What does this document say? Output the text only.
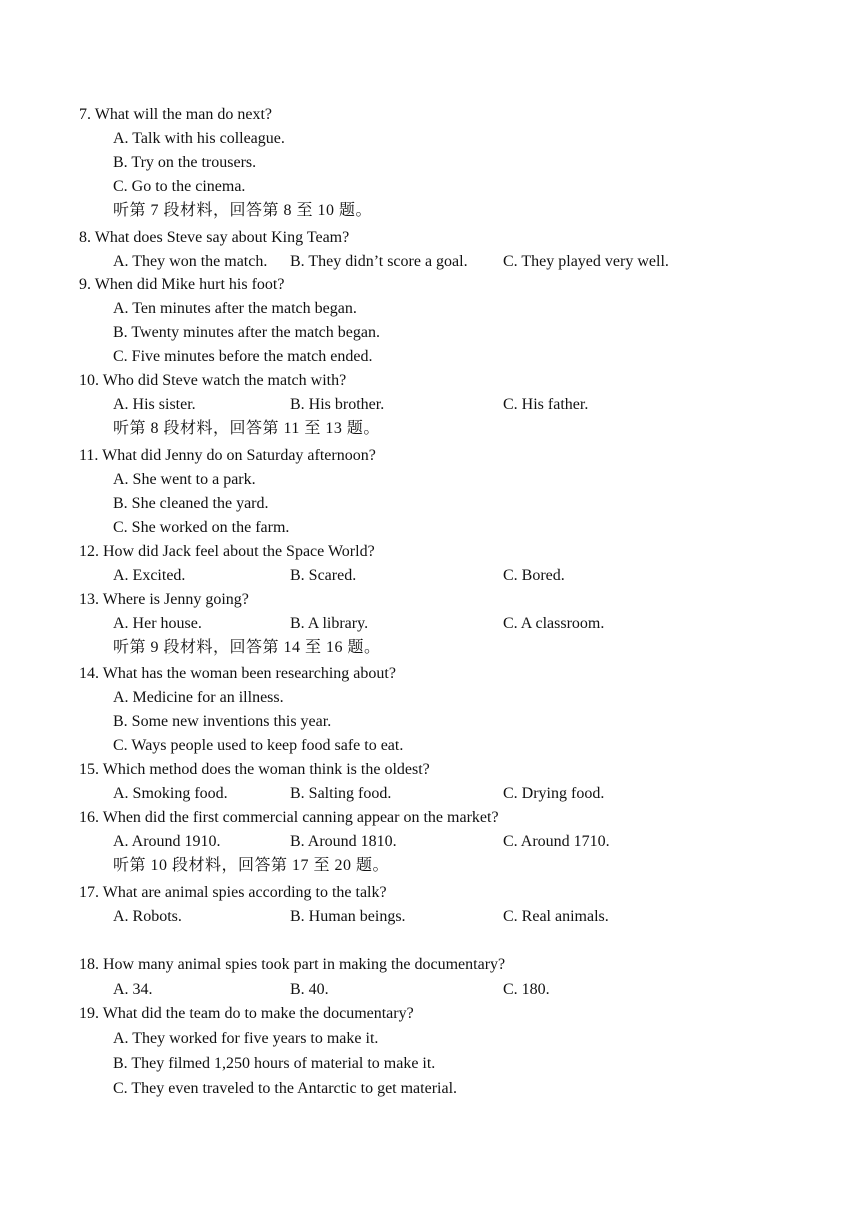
7. What will the man do next?
A. Talk with his colleague.
B. Try on the trousers.
C. Go to the cinema.
听第 7 段材料，回答第 8 至 10 题。
8. What does Steve say about King Team?
A. They won the match. B. They didn’t score a goal. C. They played very well.
9. When did Mike hurt his foot?
A. Ten minutes after the match began.
B. Twenty minutes after the match began.
C. Five minutes before the match ended.
10. Who did Steve watch the match with?
A. His sister.	B. His brother.	C. His father.
听第 8 段材料，回答第 11 至 13 题。
11. What did Jenny do on Saturday afternoon?
A. She went to a park.
B. She cleaned the yard.
C. She worked on the farm.
12. How did Jack feel about the Space World?
A. Excited.	B. Scared.	C. Bored.
13. Where is Jenny going?
A. Her house.	B. A library.	C. A classroom.
听第 9 段材料，回答第 14 至 16 题。
14. What has the woman been researching about?
A. Medicine for an illness.
B. Some new inventions this year.
C. Ways people used to keep food safe to eat.
15. Which method does the woman think is the oldest?
A. Smoking food.	B. Salting food.	C. Drying food.
16. When did the first commercial canning appear on the market?
A. Around 1910.	B. Around 1810.	C. Around 1710.
听第 10 段材料，回答第 17 至 20 题。
17. What are animal spies according to the talk?
A. Robots.	B. Human beings.	C. Real animals.
18. How many animal spies took part in making the documentary?
A. 34.	B. 40.	C. 180.
19. What did the team do to make the documentary?
A. They worked for five years to make it.
B. They filmed 1,250 hours of material to make it.
C. They even traveled to the Antarctic to get material.
